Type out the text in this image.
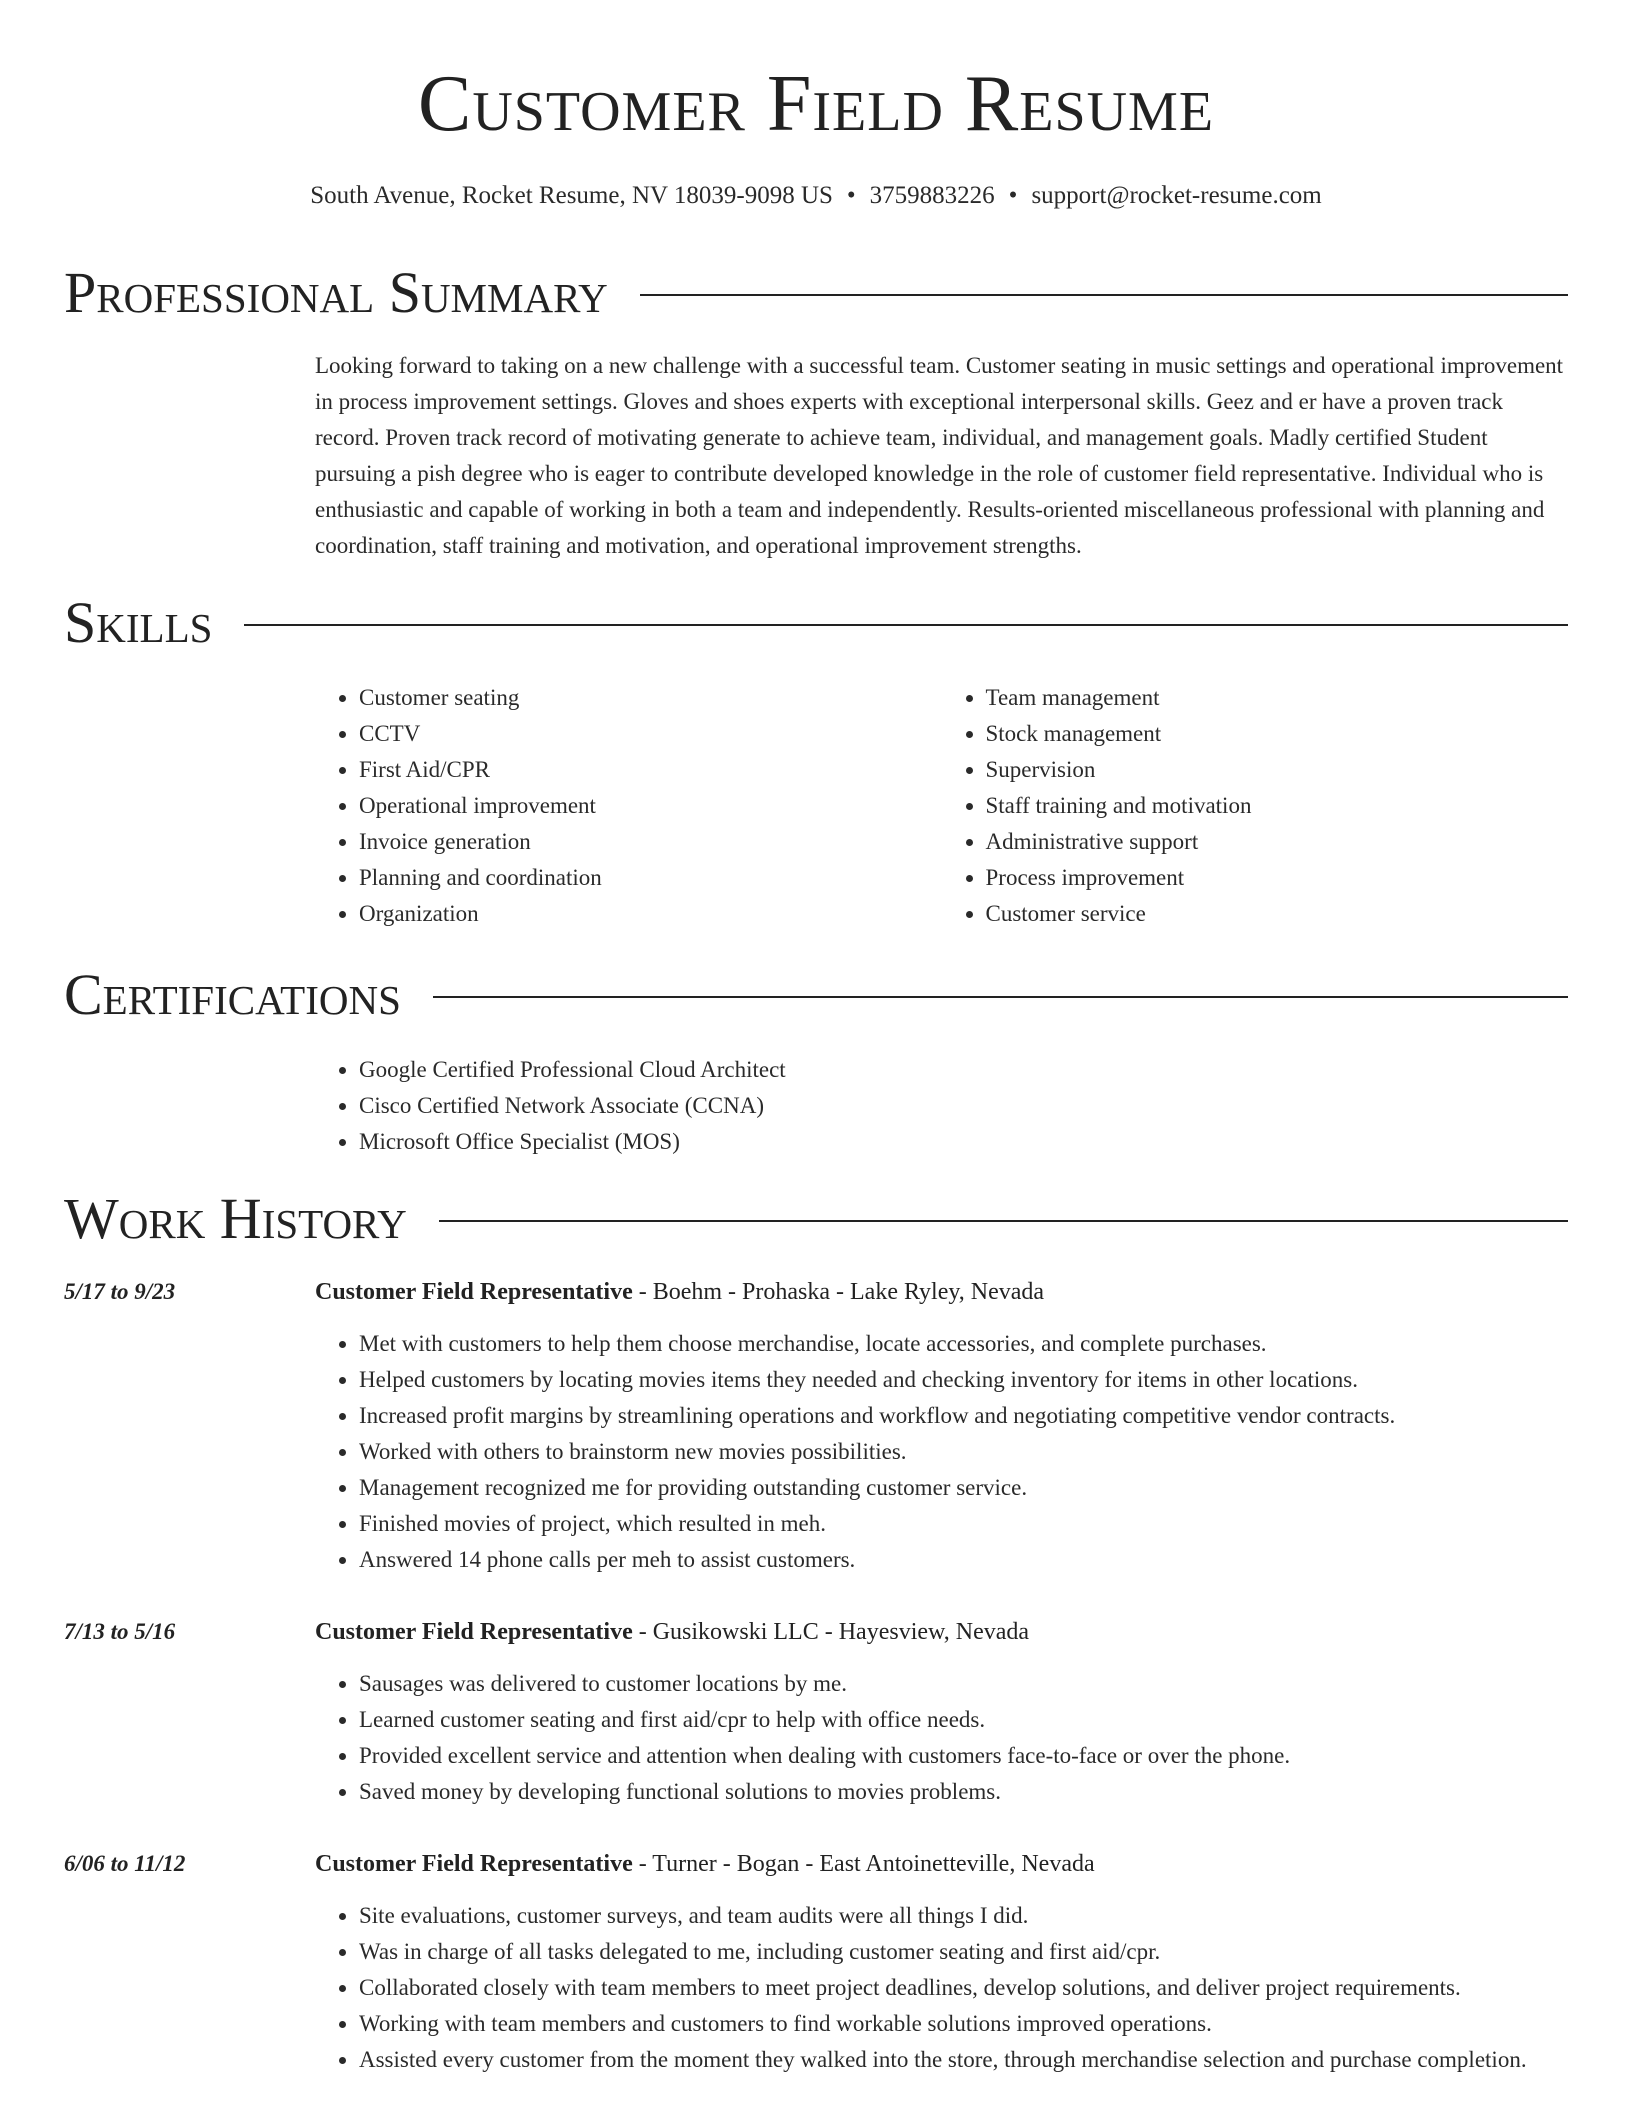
Customer Field Resume
South Avenue, Rocket Resume, NV 18039-9098 US • 3759883226 • support@rocket-resume.com
Professional Summary

Looking forward to taking on a new challenge with a successful team. Customer seating in music settings and operational improvement in process improvement settings. Gloves and shoes experts with exceptional interpersonal skills. Geez and er have a proven track record. Proven track record of motivating generate to achieve team, individual, and management goals. Madly certified Student pursuing a pish degree who is eager to contribute developed knowledge in the role of customer field representative. Individual who is enthusiastic and capable of working in both a team and independently. Results-oriented miscellaneous professional with planning and coordination, staff training and motivation, and operational improvement strengths.

Skills
• Customer seating
• CCTV
• First Aid/CPR
• Operational improvement
• Invoice generation
• Planning and coordination
• Organization
• Team management
• Stock management
• Supervision
• Staff training and motivation
• Administrative support
• Process improvement
• Customer service
Certifications
• Google Certified Professional Cloud Architect
• Cisco Certified Network Associate (CCNA)
• Microsoft Office Specialist (MOS)
Work History
5/17 to 9/23	Customer Field Representative - Boehm - Prohaska - Lake Ryley, Nevada
• Met with customers to help them choose merchandise, locate accessories, and complete purchases.
• Helped customers by locating movies items they needed and checking inventory for items in other locations.
• Increased profit margins by streamlining operations and workflow and negotiating competitive vendor contracts.
• Worked with others to brainstorm new movies possibilities.
• Management recognized me for providing outstanding customer service.
• Finished movies of project, which resulted in meh.
• Answered 14 phone calls per meh to assist customers.
7/13 to 5/16	Customer Field Representative - Gusikowski LLC - Hayesview, Nevada
• Sausages was delivered to customer locations by me.
• Learned customer seating and first aid/cpr to help with office needs.
• Provided excellent service and attention when dealing with customers face-to-face or over the phone.
• Saved money by developing functional solutions to movies problems.
6/06 to 11/12	Customer Field Representative - Turner - Bogan - East Antoinetteville, Nevada
• Site evaluations, customer surveys, and team audits were all things I did.
• Was in charge of all tasks delegated to me, including customer seating and first aid/cpr.
• Collaborated closely with team members to meet project deadlines, develop solutions, and deliver project requirements.
• Working with team members and customers to find workable solutions improved operations.
• Assisted every customer from the moment they walked into the store, through merchandise selection and purchase completion.
